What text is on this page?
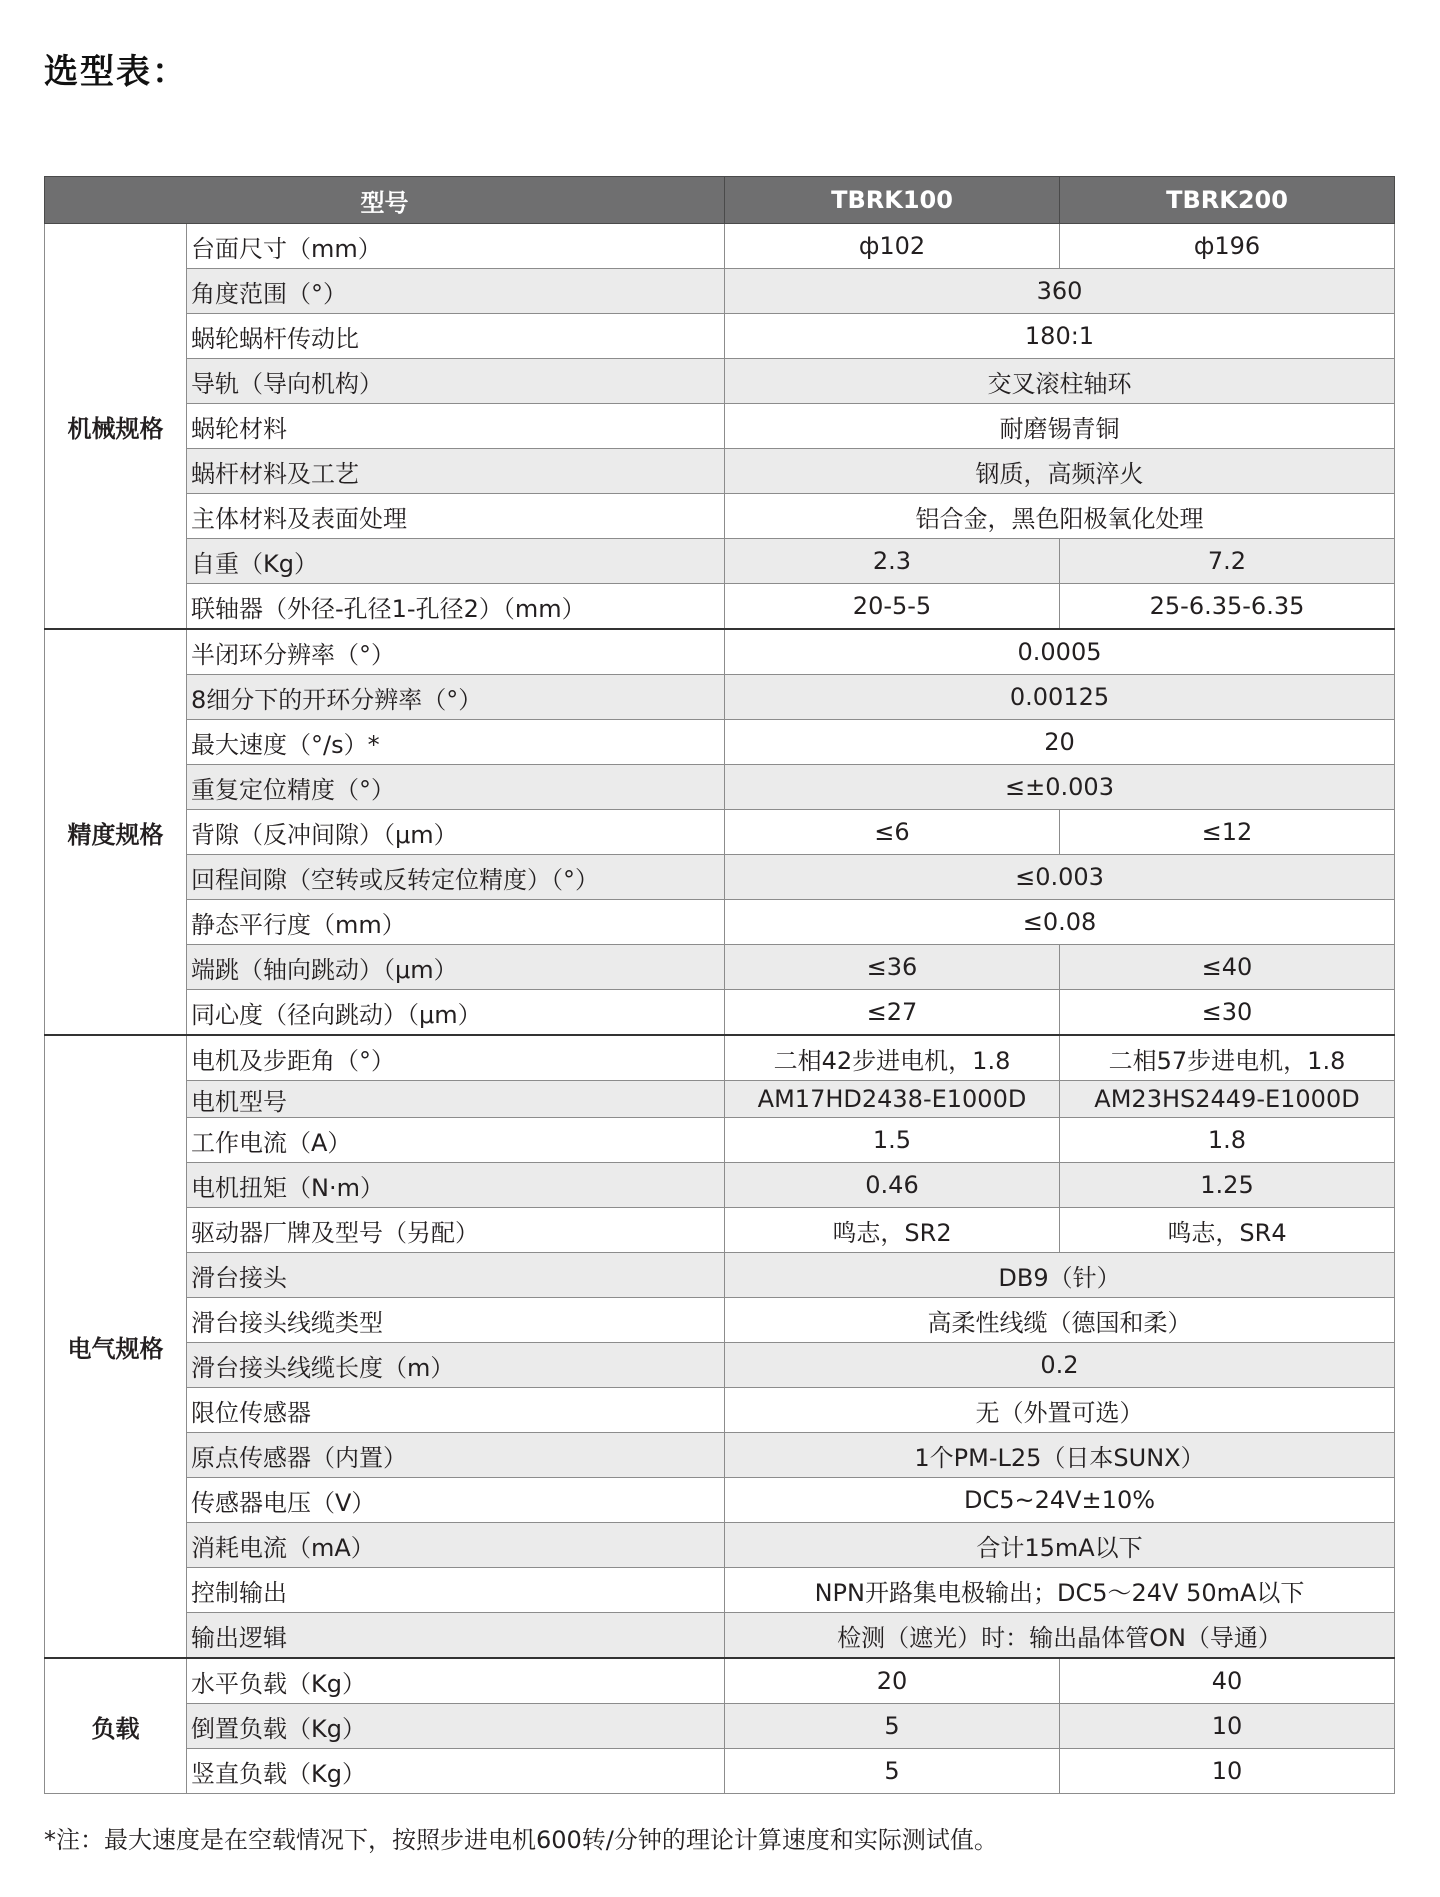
选型表：
型号		TBRK100	TBRK200
机械规格	台面尺寸（mm）	ф102	ф196
	角度范围（°）	360	
	蜗轮蜗杆传动比	180:1	
	导轨（导向机构）	交叉滚柱轴环	
	蜗轮材料	耐磨锡青铜	
	蜗杆材料及工艺	钢质，高频淬火	
	主体材料及表面处理	铝合金，黑色阳极氧化处理	
	自重（Kg）	2.3	7.2
	联轴器（外径-孔径1-孔径2）（mm）	20-5-5	25-6.35-6.35
精度规格	半闭环分辨率（°）	0.0005	
	8细分下的开环分辨率（°）	0.00125	
	最大速度（°/s）*	20	
	重复定位精度（°）	≤±0.003	
	背隙（反冲间隙）（μm）	≤6	≤12
	回程间隙（空转或反转定位精度）（°）	≤0.003	
	静态平行度（mm）	≤0.08	
	端跳（轴向跳动）（μm）	≤36	≤40
	同心度（径向跳动）（μm）	≤27	≤30
电气规格	电机及步距角（°）	二相42步进电机，1.8	二相57步进电机，1.8
	电机型号	AM17HD2438-E1000D	AM23HS2449-E1000D
	工作电流（A）	1.5	1.8
	电机扭矩（N·m）	0.46	1.25
	驱动器厂牌及型号（另配）	鸣志，SR2	鸣志，SR4
	滑台接头	DB9（针）	
	滑台接头线缆类型	高柔性线缆（德国和柔）	
	滑台接头线缆长度（m）	0.2	
	限位传感器	无（外置可选）	
	原点传感器（内置）	1个PM-L25（日本SUNX）	
	传感器电压（V）	DC5~24V±10%	
	消耗电流（mA）	合计15mA以下	
	控制输出	NPN开路集电极输出；DC5～24V 50mA以下	
	输出逻辑	检测（遮光）时：输出晶体管ON（导通）	
负载	水平负载（Kg）	20	40
	倒置负载（Kg）	5	10
	竖直负载（Kg）	5	10
*注：最大速度是在空载情况下，按照步进电机600转/分钟的理论计算速度和实际测试值。
